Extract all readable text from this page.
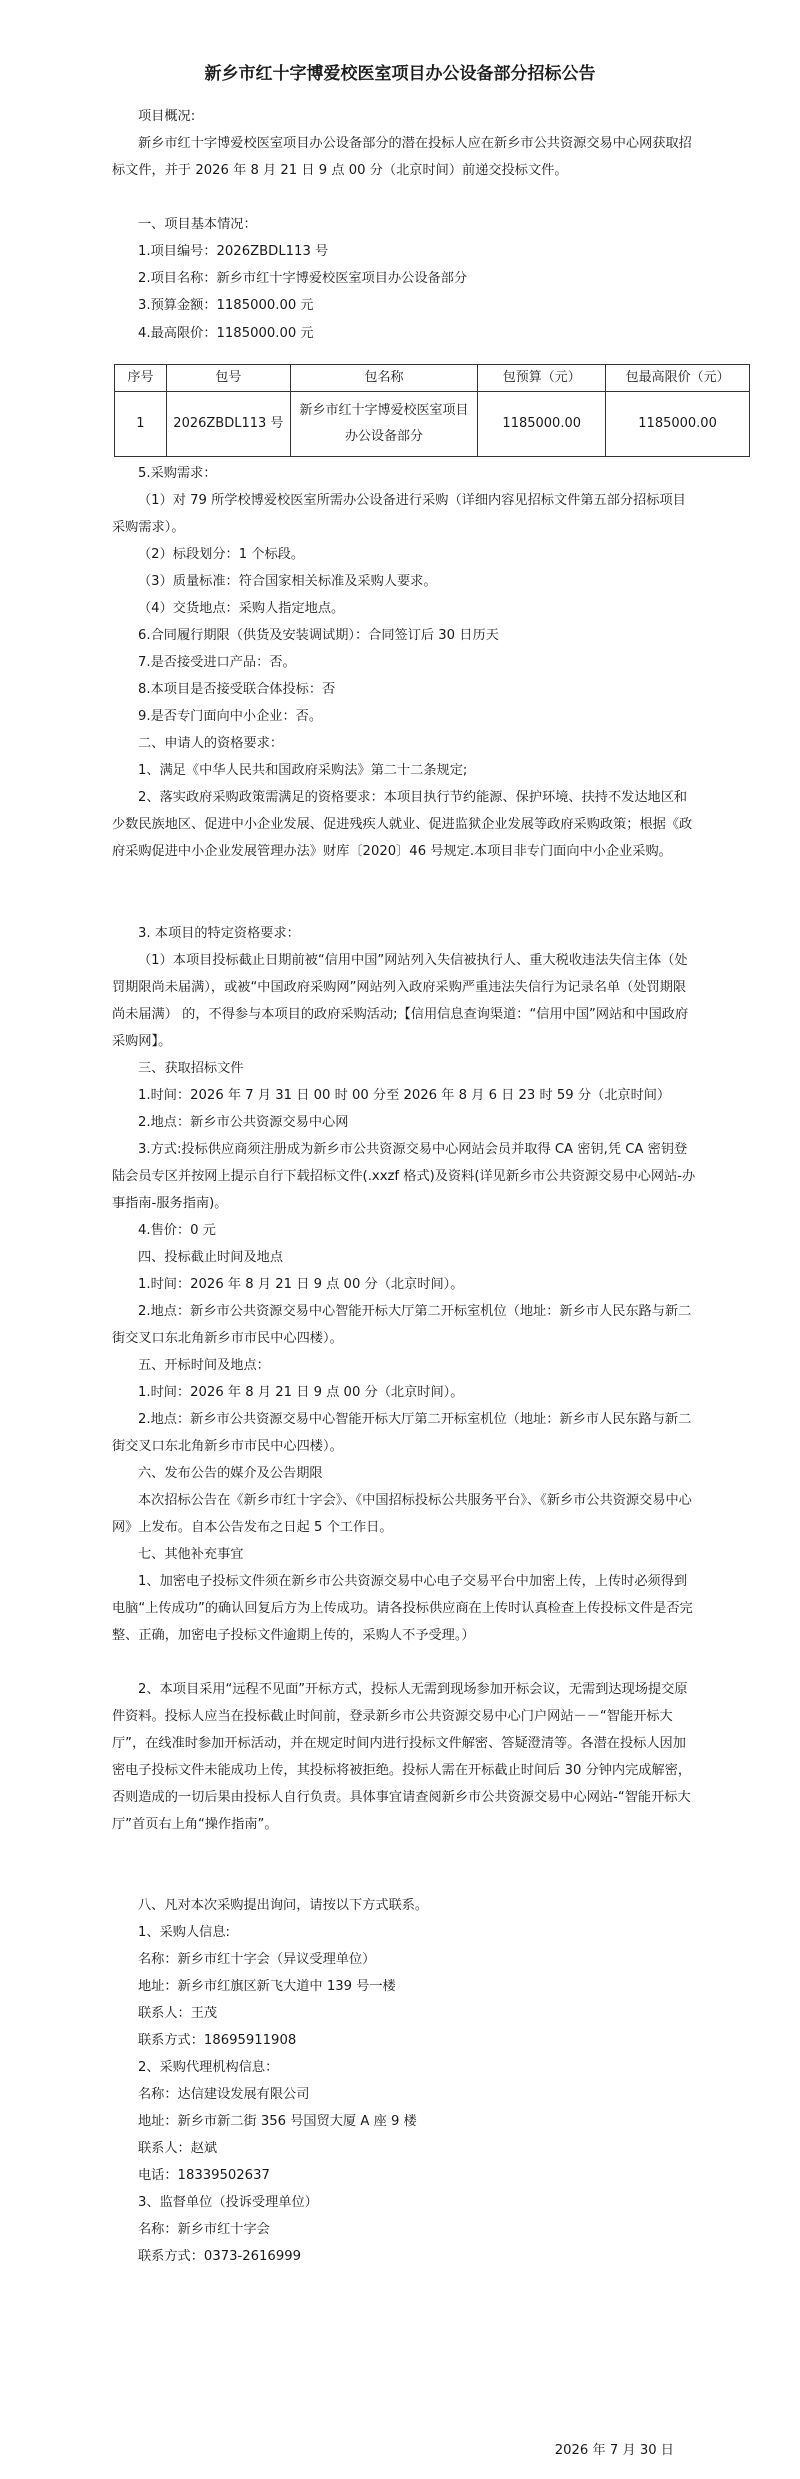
新乡市红十字博爱校医室项目办公设备部分招标公告

项目概况:

新乡市红十字博爱校医室项目办公设备部分的潜在投标人应在新乡市公共资源交易中心网获取招标文件，并于 2026 年 8 月 21 日 9 点 00 分（北京时间）前递交投标文件。

一、项目基本情况：

1.项目编号：2026ZBDL113 号

2.项目名称：新乡市红十字博爱校医室项目办公设备部分

3.预算金额：1185000.00 元

4.最高限价：1185000.00 元

序号	包号	包名称	包预算（元）	包最高限价（元）
1	2026ZBDL113 号	新乡市红十字博爱校医室项目办公设备部分	1185000.00	1185000.00

5.采购需求：

（1）对 79 所学校博爱校医室所需办公设备进行采购（详细内容见招标文件第五部分招标项目采购需求）。

（2）标段划分：1 个标段。

（3）质量标准：符合国家相关标准及采购人要求。

（4）交货地点：采购人指定地点。

6.合同履行期限（供货及安装调试期）：合同签订后 30 日历天

7.是否接受进口产品：否。

8.本项目是否接受联合体投标：否

9.是否专门面向中小企业：否。

二、申请人的资格要求：

1、满足《中华人民共和国政府采购法》第二十二条规定;

2、落实政府采购政策需满足的资格要求：本项目执行节约能源、保护环境、扶持不发达地区和少数民族地区、促进中小企业发展、促进残疾人就业、促进监狱企业发展等政府采购政策；根据《政府采购促进中小企业发展管理办法》财库〔2020〕46 号规定.本项目非专门面向中小企业采购。

3. 本项目的特定资格要求：

（1）本项目投标截止日期前被“信用中国”网站列入失信被执行人、重大税收违法失信主体（处罚期限尚未届满），或被“中国政府采购网”网站列入政府采购严重违法失信行为记录名单（处罚期限尚未届满） 的，不得参与本项目的政府采购活动;【信用信息查询渠道：“信用中国”网站和中国政府采购网】。

三、获取招标文件

1.时间：2026 年 7 月 31 日 00 时 00 分至 2026 年 8 月 6 日 23 时 59 分（北京时间）

2.地点：新乡市公共资源交易中心网

3.方式:投标供应商须注册成为新乡市公共资源交易中心网站会员并取得 CA 密钥,凭 CA 密钥登陆会员专区并按网上提示自行下载招标文件(.xxzf 格式)及资料(详见新乡市公共资源交易中心网站-办事指南-服务指南)。

4.售价：0 元

四、投标截止时间及地点

1.时间：2026 年 8 月 21 日 9 点 00 分（北京时间）。

2.地点：新乡市公共资源交易中心智能开标大厅第二开标室机位（地址：新乡市人民东路与新二街交叉口东北角新乡市市民中心四楼）。

五、开标时间及地点：

1.时间：2026 年 8 月 21 日 9 点 00 分（北京时间）。

2.地点：新乡市公共资源交易中心智能开标大厅第二开标室机位（地址：新乡市人民东路与新二街交叉口东北角新乡市市民中心四楼）。

六、发布公告的媒介及公告期限

本次招标公告在《新乡市红十字会》、《中国招标投标公共服务平台》、《新乡市公共资源交易中心网》上发布。自本公告发布之日起 5 个工作日。

七、其他补充事宜

1、加密电子投标文件须在新乡市公共资源交易中心电子交易平台中加密上传，上传时必须得到电脑“上传成功”的确认回复后方为上传成功。请各投标供应商在上传时认真检查上传投标文件是否完整、正确，加密电子投标文件逾期上传的，采购人不予受理。）

2、本项目采用“远程不见面”开标方式，投标人无需到现场参加开标会议，无需到达现场提交原件资料。投标人应当在投标截止时间前，登录新乡市公共资源交易中心门户网站－－“智能开标大厅”，在线准时参加开标活动，并在规定时间内进行投标文件解密、答疑澄清等。各潜在投标人因加密电子投标文件未能成功上传，其投标将被拒绝。投标人需在开标截止时间后 30 分钟内完成解密，否则造成的一切后果由投标人自行负责。具体事宜请查阅新乡市公共资源交易中心网站-“智能开标大厅”首页右上角“操作指南”。

八、凡对本次采购提出询问，请按以下方式联系。

1、采购人信息:

名称：新乡市红十字会（异议受理单位）

地址：新乡市红旗区新飞大道中 139 号一楼

联系人：王茂

联系方式：18695911908

2、采购代理机构信息：

名称：达信建设发展有限公司

地址：新乡市新二街 356 号国贸大厦 A 座 9 楼

联系人：赵斌

电话：18339502637

3、监督单位（投诉受理单位）

名称：新乡市红十字会

联系方式：0373-2616999

2026 年 7 月 30 日
